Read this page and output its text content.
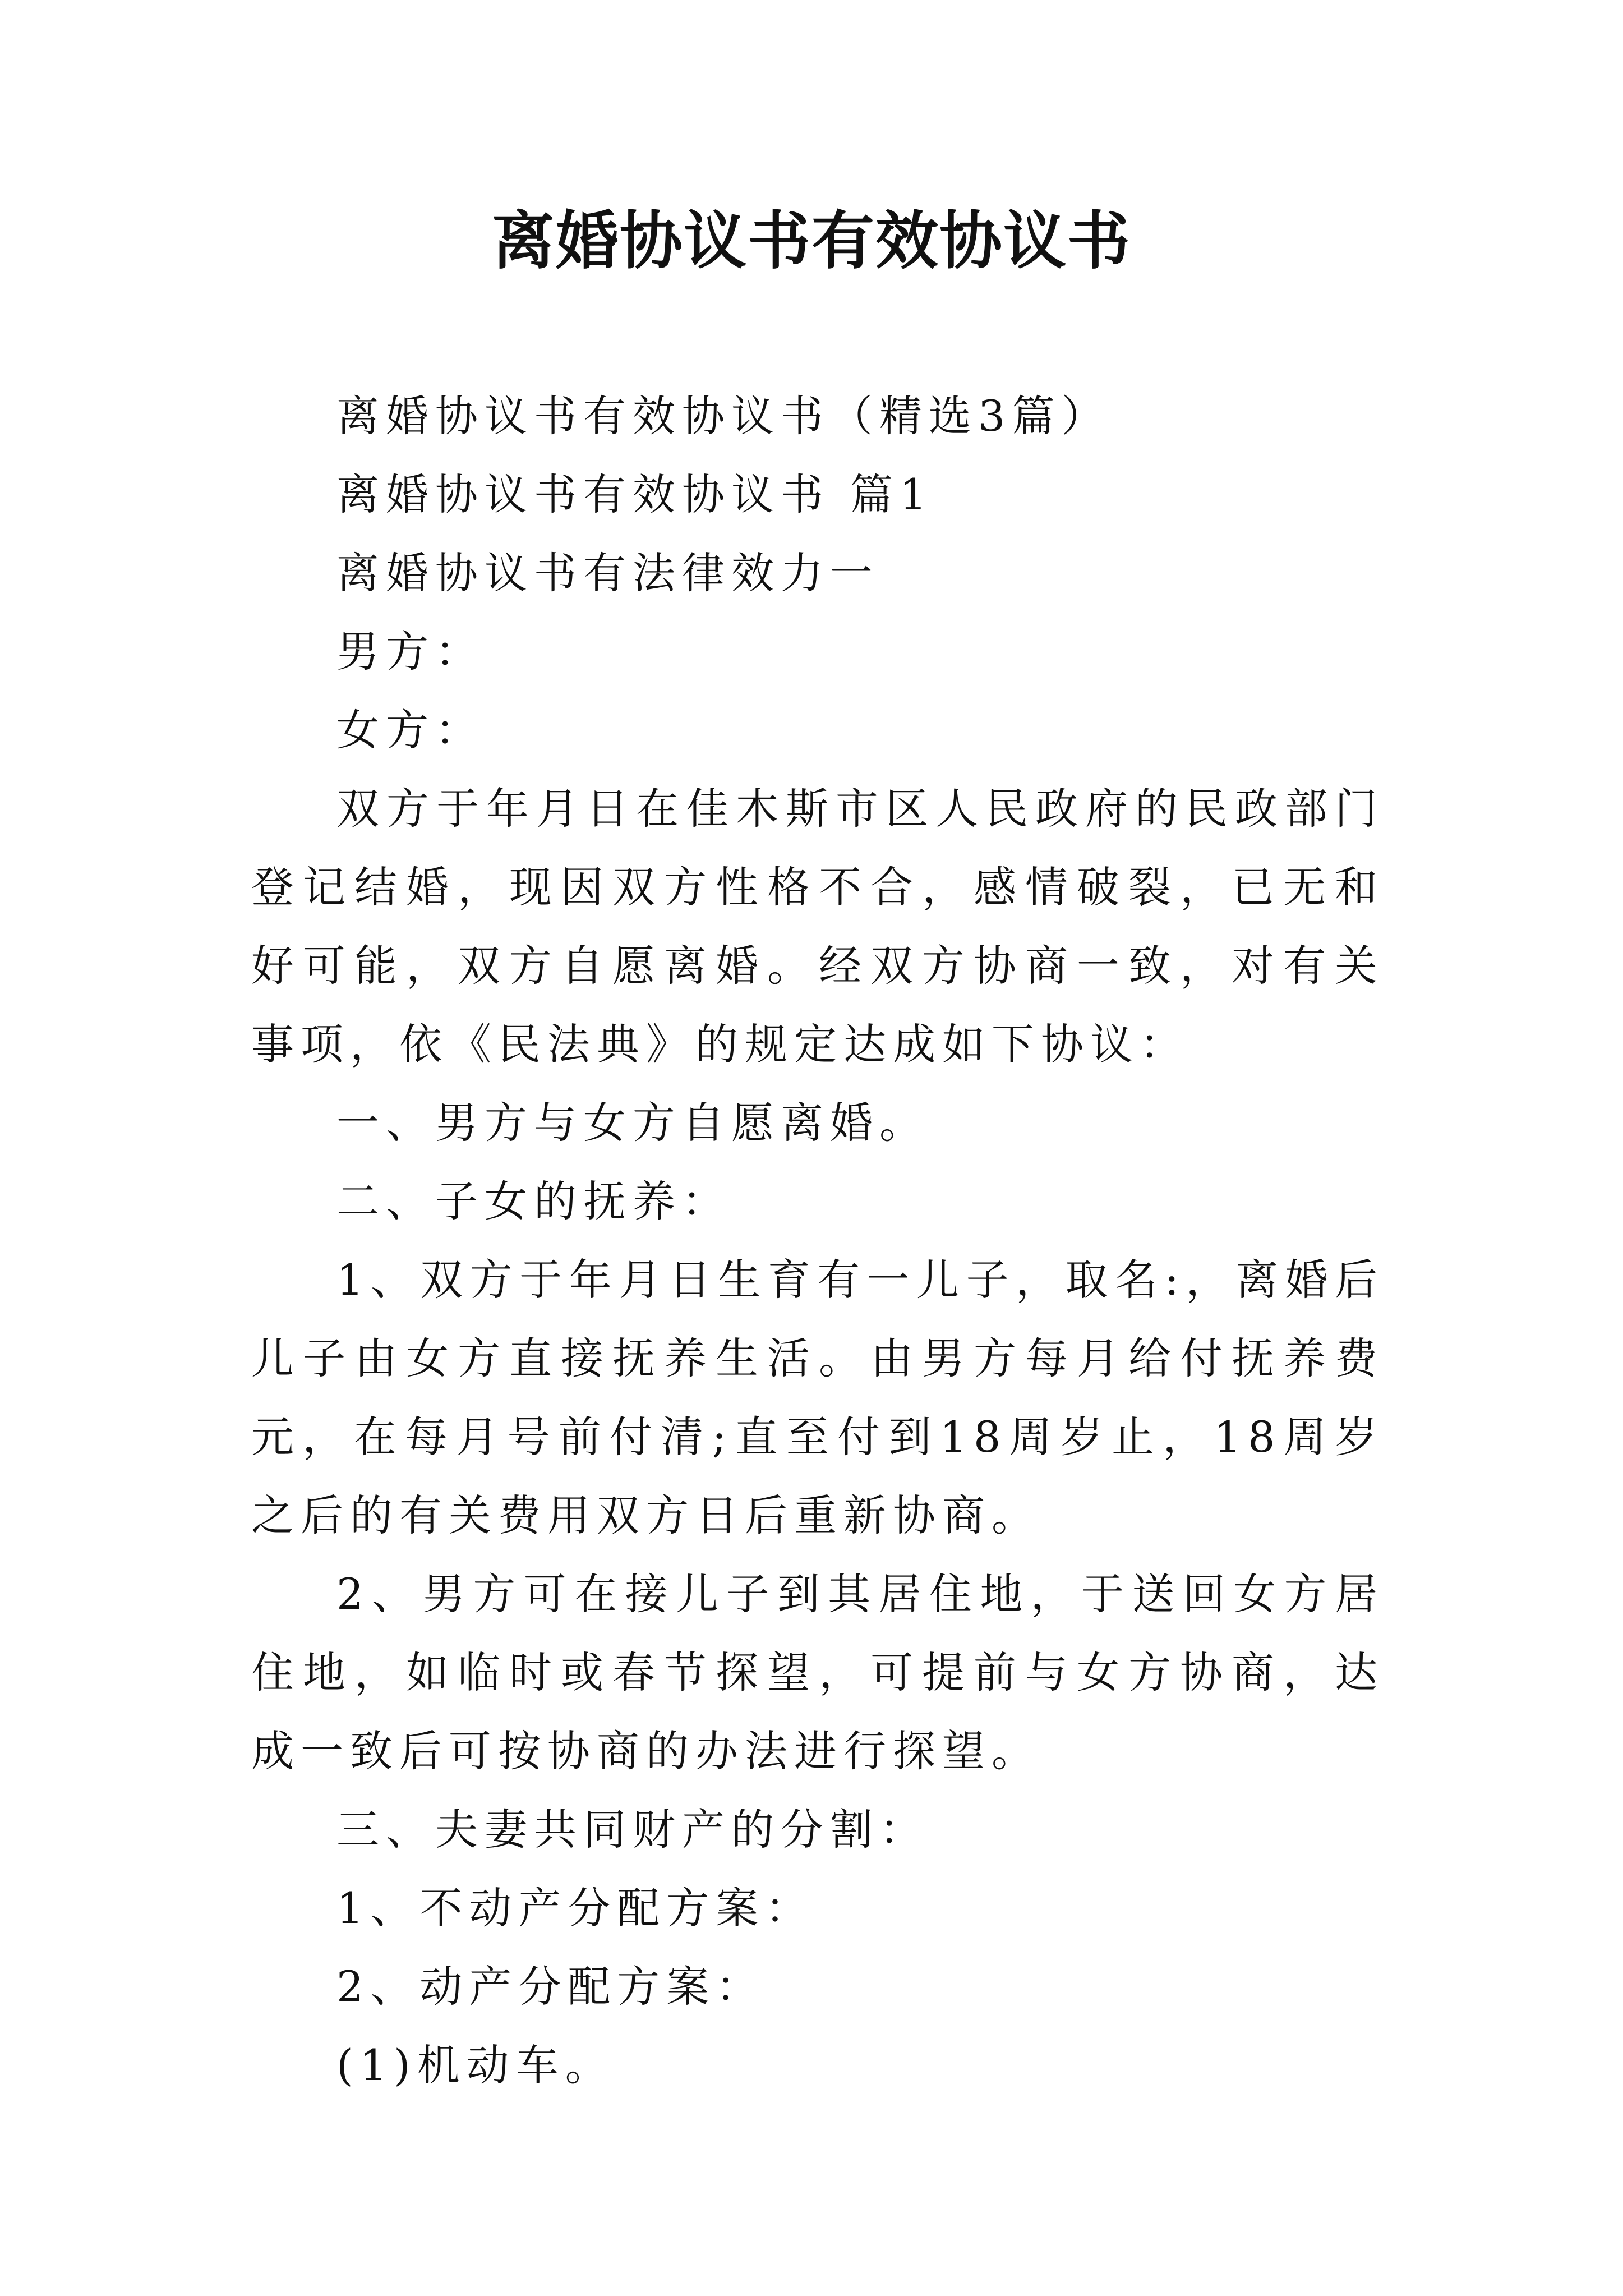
离婚协议书有效协议书

离婚协议书有效协议书（精选3篇）

离婚协议书有效协议书 篇1

离婚协议书有法律效力一

男方：

女方：

双方于年月日在佳木斯市区人民政府的民政部门登记结婚，现因双方性格不合，感情破裂，已无和好可能，双方自愿离婚。经双方协商一致，对有关事项，依《民法典》的规定达成如下协议：

一、男方与女方自愿离婚。

二、子女的抚养：

1、双方于年月日生育有一儿子，取名:，离婚后儿子由女方直接抚养生活。由男方每月给付抚养费元，在每月号前付清;直至付到18周岁止，18周岁之后的有关费用双方日后重新协商。

2、男方可在接儿子到其居住地，于送回女方居住地，如临时或春节探望，可提前与女方协商，达成一致后可按协商的办法进行探望。

三、夫妻共同财产的分割：

1、不动产分配方案：

2、动产分配方案：

(1)机动车。
